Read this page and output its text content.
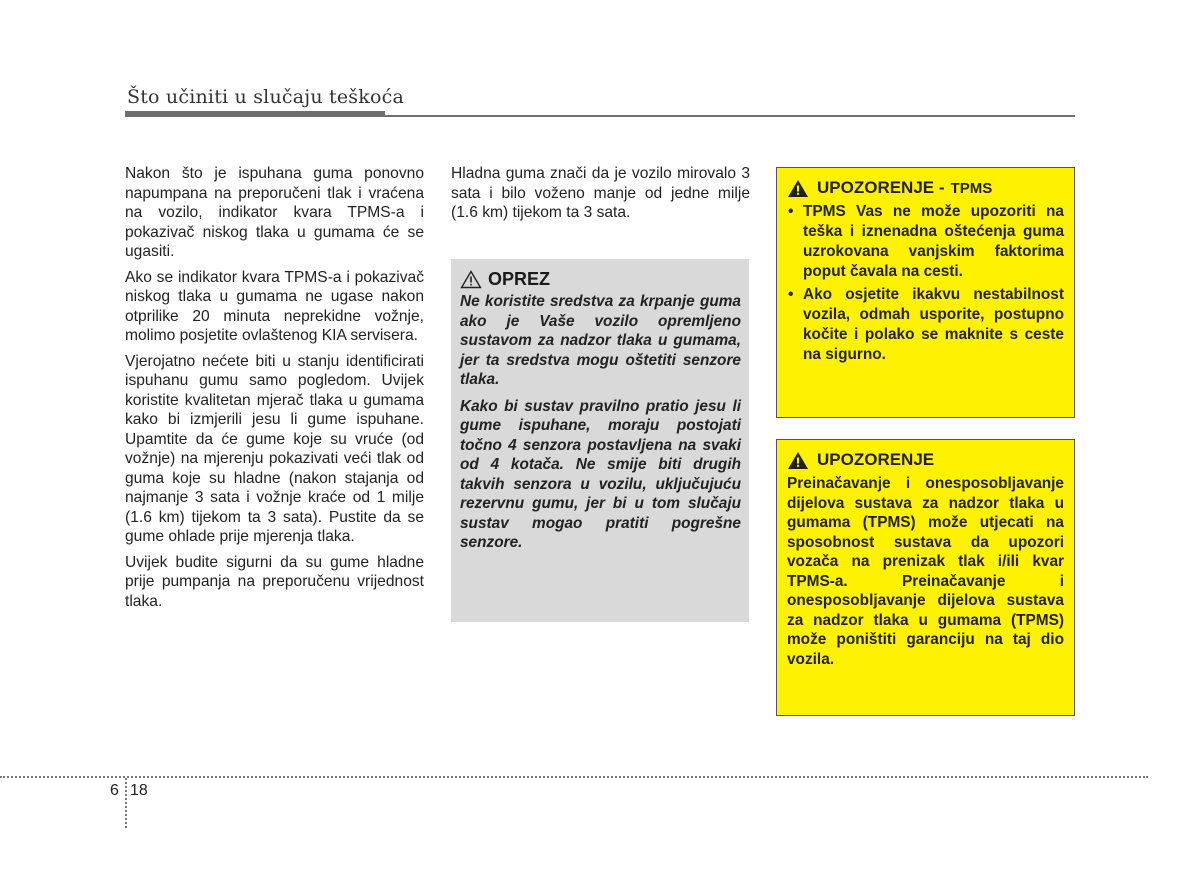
Što učiniti u slučaju teškoća

Nakon što je ispuhana guma ponovno napumpana na preporučeni tlak i vraćena na vozilo, indikator kvara TPMS-a i pokazivač niskog tlaka u gumama će se ugasiti.

Ako se indikator kvara TPMS-a i pokazivač niskog tlaka u gumama ne ugase nakon otprilike 20 minuta neprekidne vožnje, molimo posjetite ovlaštenog KIA servisera.

Vjerojatno nećete biti u stanju identificirati ispuhanu gumu samo pogledom. Uvijek koristite kvalitetan mjerač tlaka u gumama kako bi izmjerili jesu li gume ispuhane. Upamtite da će gume koje su vruće (od vožnje) na mjerenju pokazivati veći tlak od guma koje su hladne (nakon stajanja od najmanje 3 sata i vožnje kraće od 1 milje (1.6 km) tijekom ta 3 sata). Pustite da se gume ohlade prije mjerenja tlaka.

Uvijek budite sigurni da su gume hladne prije pumpanja na preporučenu vrijednost tlaka.

Hladna guma znači da je vozilo mirovalo 3 sata i bilo voženo manje od jedne milje (1.6 km) tijekom ta 3 sata.

OPREZ

Ne koristite sredstva za krpanje guma ako je Vaše vozilo opremljeno sustavom za nadzor tlaka u gumama, jer ta sredstva mogu oštetiti senzore tlaka.

Kako bi sustav pravilno pratio jesu li gume ispuhane, moraju postojati točno 4 senzora postavljena na svaki od 4 kotača. Ne smije biti drugih takvih senzora u vozilu, uključujuću rezervnu gumu, jer bi u tom slučaju sustav mogao pratiti pogrešne senzore.

UPOZORENJE - TPMS
• TPMS Vas ne može upozoriti na teška i iznenadna oštećenja guma uzrokovana vanjskim faktorima poput čavala na cesti.
• Ako osjetite ikakvu nestabilnost vozila, odmah usporite, postupno kočite i polako se maknite s ceste na sigurno.
UPOZORENJE

Preinačavanje i onesposobljavanje dijelova sustava za nadzor tlaka u gumama (TPMS) može utjecati na sposobnost sustava da upozori vozača na prenizak tlak i/ili kvar TPMS-a. Preinačavanje i onesposobljavanje dijelova sustava za nadzor tlaka u gumama (TPMS) može poništiti garanciju na taj dio vozila.

6 18
